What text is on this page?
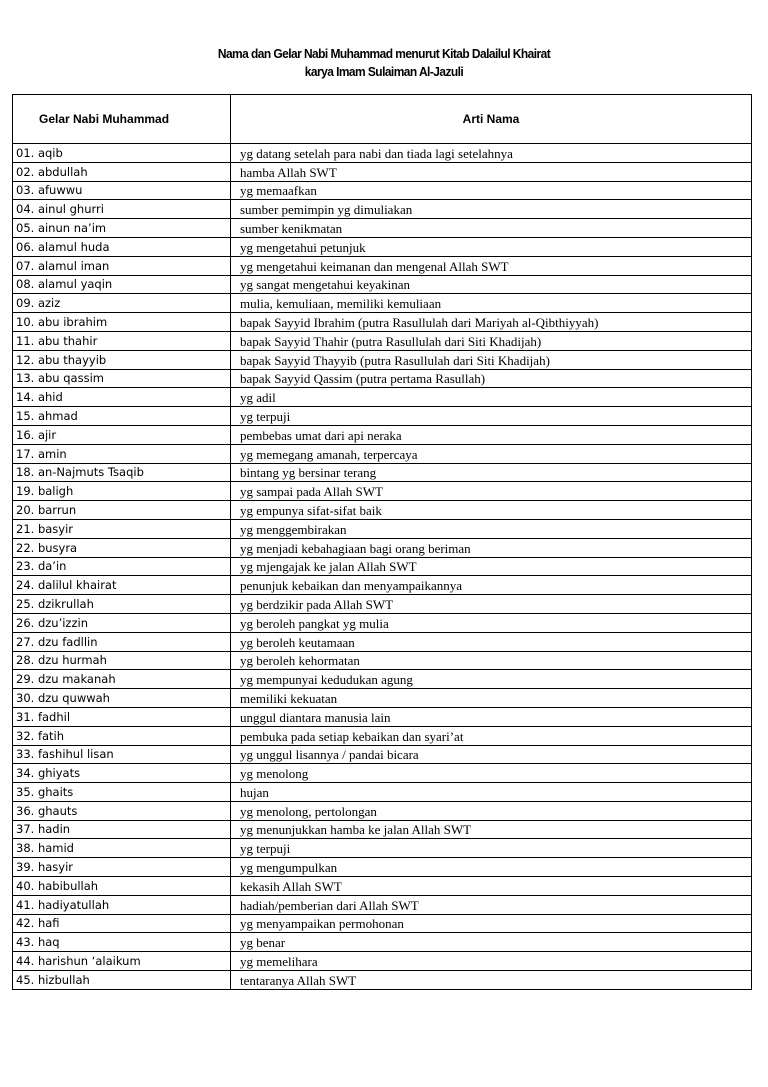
Nama dan Gelar Nabi Muhammad menurut Kitab Dalailul Khairat
karya Imam Sulaiman Al-Jazuli
Gelar Nabi Muhammad	Arti Nama
01. aqib	yg datang setelah para nabi dan tiada lagi setelahnya
02. abdullah	hamba Allah SWT
03. afuwwu	yg memaafkan
04. ainul ghurri	sumber pemimpin yg dimuliakan
05. ainun na’im	sumber kenikmatan
06. alamul huda	yg mengetahui petunjuk
07. alamul iman	yg mengetahui keimanan dan mengenal Allah SWT
08. alamul yaqin	yg sangat mengetahui keyakinan
09. aziz	mulia, kemuliaan, memiliki kemuliaan
10. abu ibrahim	bapak Sayyid Ibrahim (putra Rasullulah dari Mariyah al-Qibthiyyah)
11. abu thahir	bapak Sayyid Thahir (putra Rasullulah dari Siti Khadijah)
12. abu thayyib	bapak Sayyid Thayyib (putra Rasullulah dari Siti Khadijah)
13. abu qassim	bapak Sayyid Qassim (putra pertama Rasullah)
14. ahid	yg adil
15. ahmad	yg terpuji
16. ajir	pembebas umat dari api neraka
17. amin	yg memegang amanah, terpercaya
18. an-Najmuts Tsaqib	bintang yg bersinar terang
19. baligh	yg sampai pada Allah SWT
20. barrun	yg empunya sifat-sifat baik
21. basyir	yg menggembirakan
22. busyra	yg menjadi kebahagiaan bagi orang beriman
23. da’in	yg mjengajak ke jalan Allah SWT
24. dalilul khairat	penunjuk kebaikan dan menyampaikannya
25. dzikrullah	yg berdzikir pada Allah SWT
26. dzu’izzin	yg beroleh pangkat yg mulia
27. dzu fadllin	yg beroleh keutamaan
28. dzu hurmah	yg beroleh kehormatan
29. dzu makanah	yg mempunyai kedudukan agung
30. dzu quwwah	memiliki kekuatan
31. fadhil	unggul diantara manusia lain
32. fatih	pembuka pada setiap kebaikan dan syari’at
33. fashihul lisan	yg unggul lisannya / pandai bicara
34. ghiyats	yg menolong
35. ghaits	hujan
36. ghauts	yg menolong, pertolongan
37. hadin	yg menunjukkan hamba ke jalan Allah SWT
38. hamid	yg terpuji
39. hasyir	yg mengumpulkan
40. habibullah	kekasih Allah SWT
41. hadiyatullah	hadiah/pemberian dari Allah SWT
42. hafi	yg menyampaikan permohonan
43. haq	yg benar
44. harishun ‘alaikum	yg memelihara
45. hizbullah	tentaranya Allah SWT
